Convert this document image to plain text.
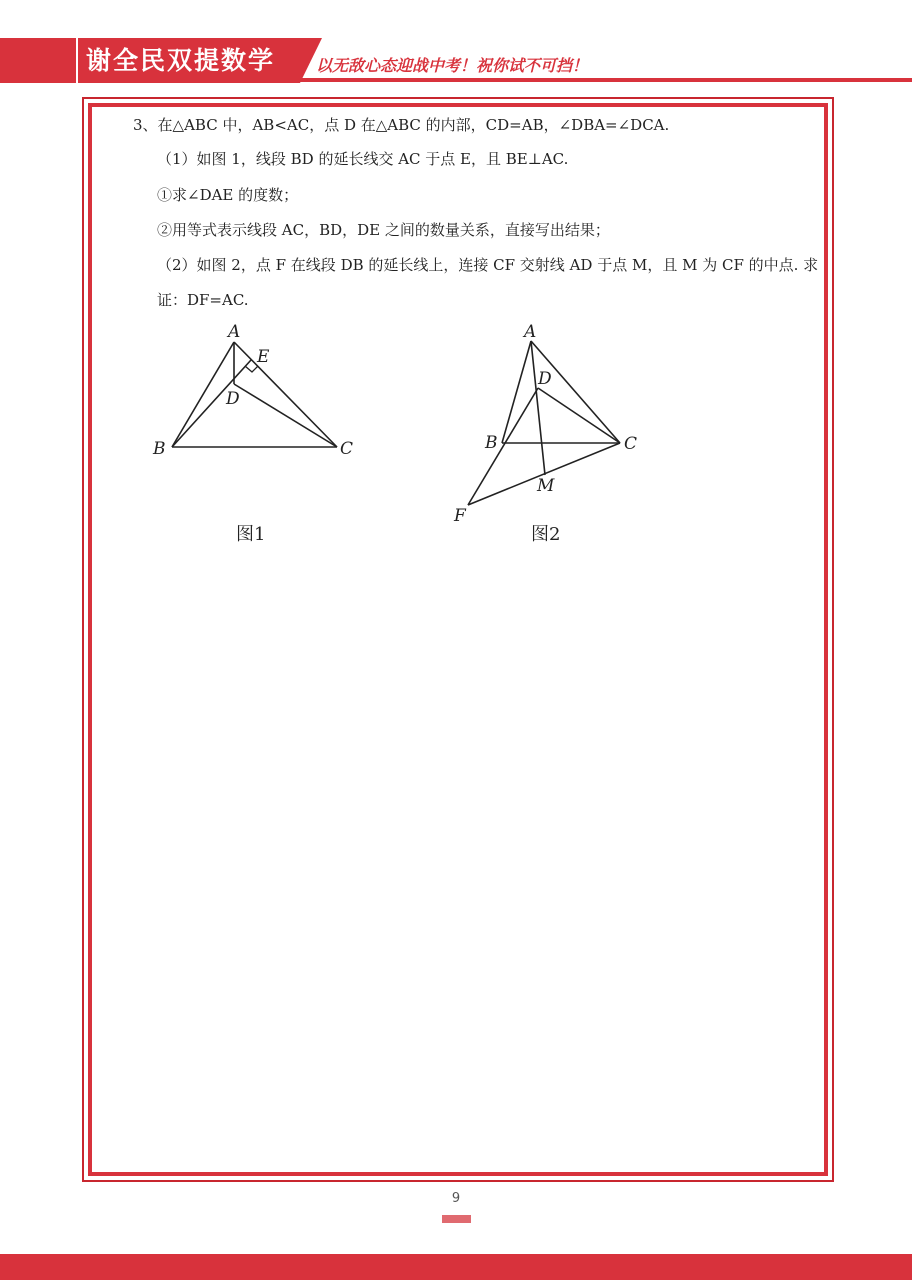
谢全民双提数学	以无敌心态迎战中考！祝你试不可挡！
3、在△ABC 中，AB<AC，点 D 在△ABC 的内部，CD=AB，∠DBA=∠DCA.
（1）如图 1，线段 BD 的延长线交 AC 于点 E，且 BE⊥AC.
①求∠DAE 的度数；
②用等式表示线段 AC，BD，DE 之间的数量关系，直接写出结果；
（2）如图 2，点 F 在线段 DB 的延长线上，连接 CF 交射线 AD 于点 M，且 M 为 CF 的中点. 求
证：DF=AC.
A
E
D
B	C
图1
A
D
B	C
M
F
图2
9
